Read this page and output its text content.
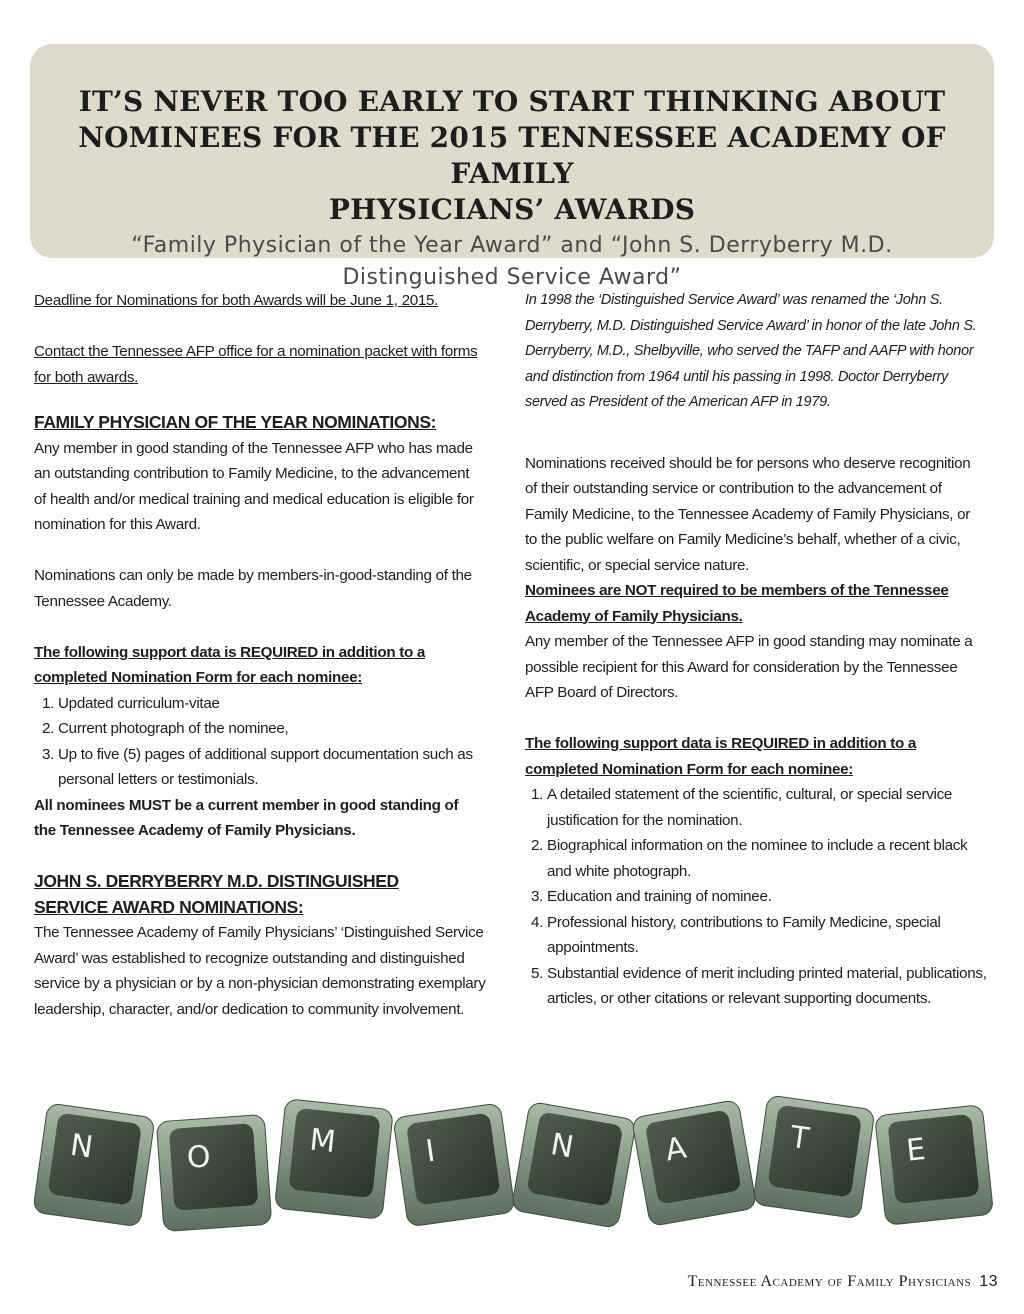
IT’S NEVER TOO EARLY TO START THINKING ABOUT
NOMINEES FOR THE 2015 TENNESSEE ACADEMY OF FAMILY
PHYSICIANS’ AWARDS
“Family Physician of the Year Award” and “John S. Derryberry M.D.
Distinguished Service Award”

Deadline for Nominations for both Awards will be June 1, 2015.

Contact the Tennessee AFP office for a nomination packet with forms
for both awards.

FAMILY PHYSICIAN OF THE YEAR NOMINATIONS:

Any member in good standing of the Tennessee AFP who has made
an outstanding contribution to Family Medicine, to the advancement
of health and/or medical training and medical education is eligible for
nomination for this Award.

Nominations can only be made by members-in-good-standing of the
Tennessee Academy.

The following support data is REQUIRED in addition to a
completed Nomination Form for each nominee:

1. Updated curriculum-vitae
2. Current photograph of the nominee,
3. Up to five (5) pages of additional support documentation such as personal letters or testimonials.

All nominees MUST be a current member in good standing of
the Tennessee Academy of Family Physicians.

JOHN S. DERRYBERRY M.D. DISTINGUISHED
SERVICE AWARD NOMINATIONS:

The Tennessee Academy of Family Physicians’ ‘Distinguished Service
Award’ was established to recognize outstanding and distinguished
service by a physician or by a non-physician demonstrating exemplary
leadership, character, and/or dedication to community involvement.

In 1998 the ‘Distinguished Service Award’ was renamed the ‘John S.
Derryberry, M.D. Distinguished Service Award’ in honor of the late John S.
Derryberry, M.D., Shelbyville, who served the TAFP and AAFP with honor
and distinction from 1964 until his passing in 1998. Doctor Derryberry
served as President of the American AFP in 1979.

Nominations received should be for persons who deserve recognition
of their outstanding service or contribution to the advancement of
Family Medicine, to the Tennessee Academy of Family Physicians, or
to the public welfare on Family Medicine’s behalf, whether of a civic,
scientific, or special service nature.

Nominees are NOT required to be members of the Tennessee
Academy of Family Physicians.

Any member of the Tennessee AFP in good standing may nominate a
possible recipient for this Award for consideration by the Tennessee
AFP Board of Directors.

The following support data is REQUIRED in addition to a
completed Nomination Form for each nominee:

1. A detailed statement of the scientific, cultural, or special service justification for the nomination.
2. Biographical information on the nominee to include a recent black and white photograph.
3. Education and training of nominee.
4. Professional history, contributions to Family Medicine, special appointments.
5. Substantial evidence of merit including printed material, publications, articles, or other citations or relevant supporting documents.
N	O	M	I	N	A	T	E
Tennessee Academy of Family Physicians 13
